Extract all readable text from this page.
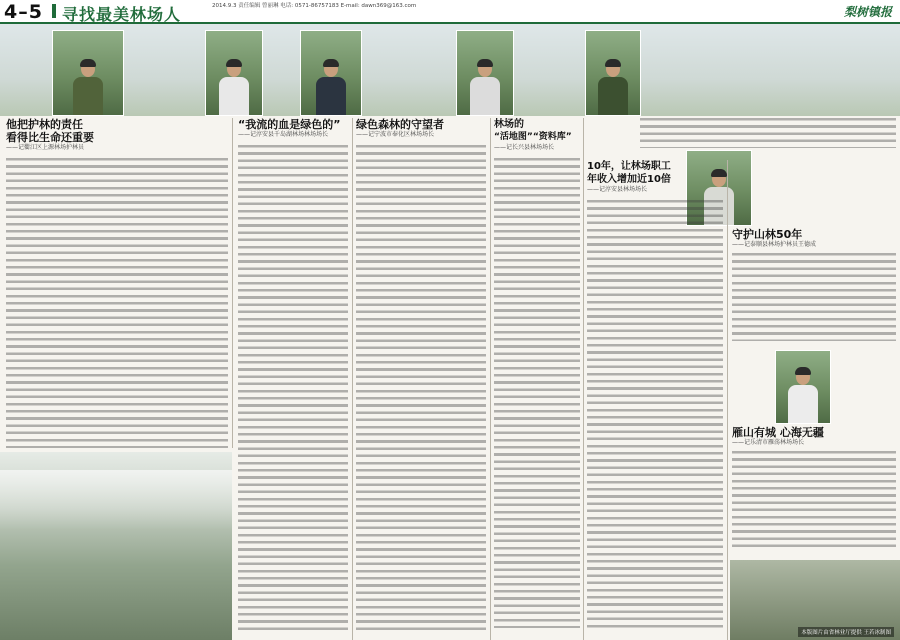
4–5 寻找最美林场人	2014.9.3 责任编辑 曾丽琳 电话: 0571-86757183 E-mail: dawn369@163.com	梨树镇报
他把护林的责任
看得比生命还重要
——记衢江区上源林场护林员
“我流的血是绿色的”
——记淳安县千岛湖林场林场场长
绿色森林的守望者
——记宁波市奉化区林场场长
林场的
“活地图”“资料库”
——记长兴县林场场长
10年，让林场职工
年收入增加近10倍
——记淳安县林场场长
守护山林50年
——记泰顺县林场护林员王德成
雁山有城 心海无疆
——记乐清市雁荡林场场长
本版图片由省林业厅提供 王若冰制图
